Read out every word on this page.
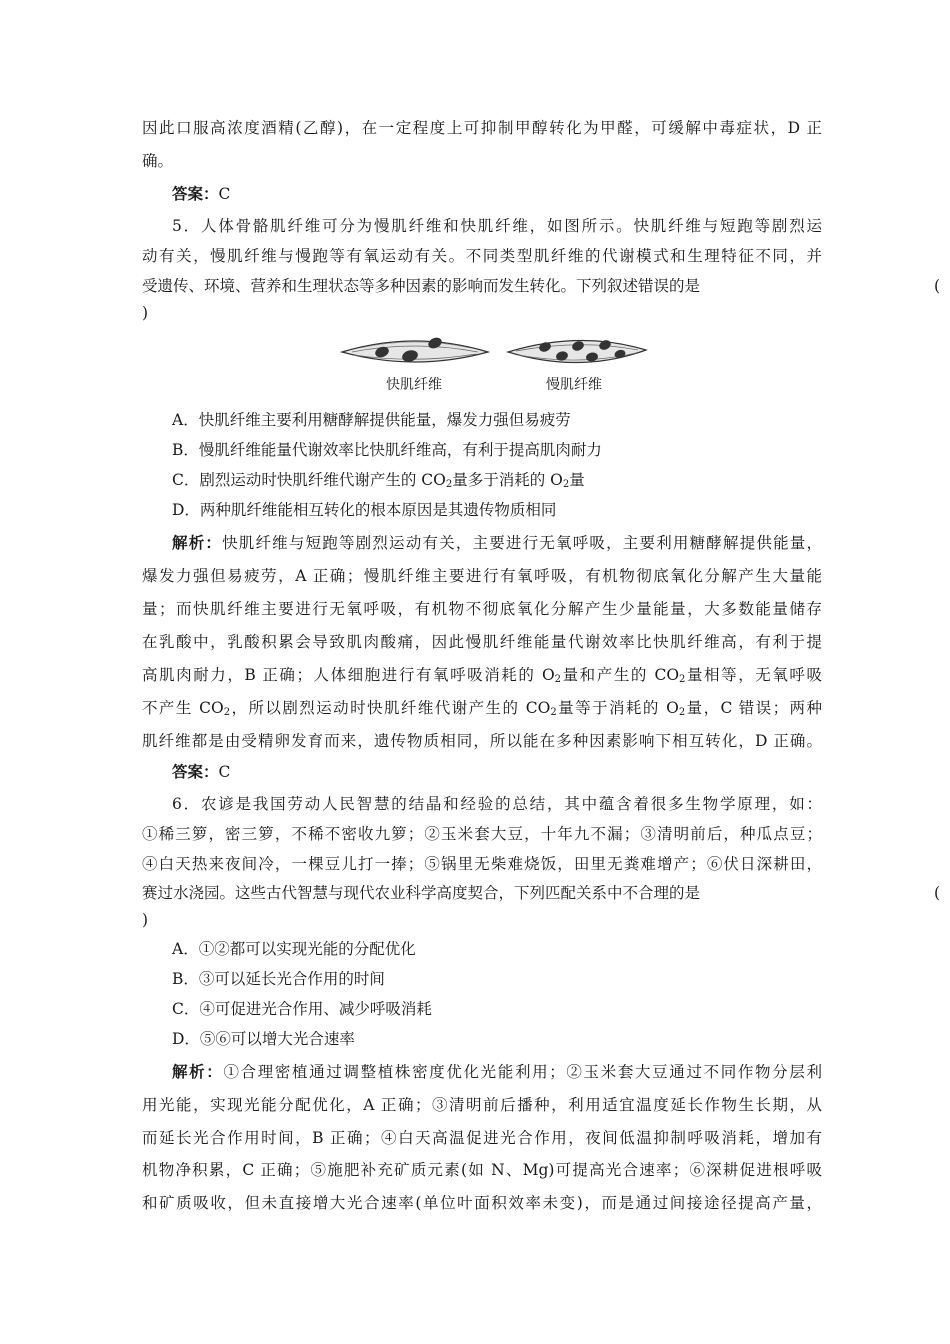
因此口服高浓度酒精(乙醇)，在一定程度上可抑制甲醇转化为甲醛，可缓解中毒症状，D 正
确。
答案：C
5．人体骨骼肌纤维可分为慢肌纤维和快肌纤维，如图所示。快肌纤维与短跑等剧烈运
动有关，慢肌纤维与慢跑等有氧运动有关。不同类型肌纤维的代谢模式和生理特征不同，并
受遗传、环境、营养和生理状态等多种因素的影响而发生转化。下列叙述错误的是	(
)
快肌纤维	慢肌纤维
A．快肌纤维主要利用糖酵解提供能量，爆发力强但易疲劳
B．慢肌纤维能量代谢效率比快肌纤维高，有利于提高肌肉耐力
C．剧烈运动时快肌纤维代谢产生的 $CO_2$量多于消耗的 $O_2$量
D．两种肌纤维能相互转化的根本原因是其遗传物质相同
解析：快肌纤维与短跑等剧烈运动有关，主要进行无氧呼吸，主要利用糖酵解提供能量，
爆发力强但易疲劳，A 正确；慢肌纤维主要进行有氧呼吸，有机物彻底氧化分解产生大量能
量；而快肌纤维主要进行无氧呼吸，有机物不彻底氧化分解产生少量能量，大多数能量储存
在乳酸中，乳酸积累会导致肌肉酸痛，因此慢肌纤维能量代谢效率比快肌纤维高，有利于提
高肌肉耐力，B 正确；人体细胞进行有氧呼吸消耗的 $O_2$量和产生的 $CO_2$量相等，无氧呼吸
不产生 $CO_2$，所以剧烈运动时快肌纤维代谢产生的 $CO_2$量等于消耗的 $O_2$量，C 错误；两种
肌纤维都是由受精卵发育而来，遗传物质相同，所以能在多种因素影响下相互转化，D 正确。
答案：C
6．农谚是我国劳动人民智慧的结晶和经验的总结，其中蕴含着很多生物学原理，如：
①稀三箩，密三箩，不稀不密收九箩；②玉米套大豆，十年九不漏；③清明前后，种瓜点豆；
④白天热来夜间冷，一棵豆儿打一捧；⑤锅里无柴难烧饭，田里无粪难增产；⑥伏日深耕田，
赛过水浇园。这些古代智慧与现代农业科学高度契合，下列匹配关系中不合理的是	(
)
A．①②都可以实现光能的分配优化
B．③可以延长光合作用的时间
C．④可促进光合作用、减少呼吸消耗
D．⑤⑥可以增大光合速率
解析：①合理密植通过调整植株密度优化光能利用；②玉米套大豆通过不同作物分层利
用光能，实现光能分配优化，A 正确；③清明前后播种，利用适宜温度延长作物生长期，从
而延长光合作用时间，B 正确；④白天高温促进光合作用，夜间低温抑制呼吸消耗，增加有
机物净积累，C 正确；⑤施肥补充矿质元素(如 N、Mg)可提高光合速率；⑥深耕促进根呼吸
和矿质吸收，但未直接增大光合速率(单位叶面积效率未变)，而是通过间接途径提高产量，
